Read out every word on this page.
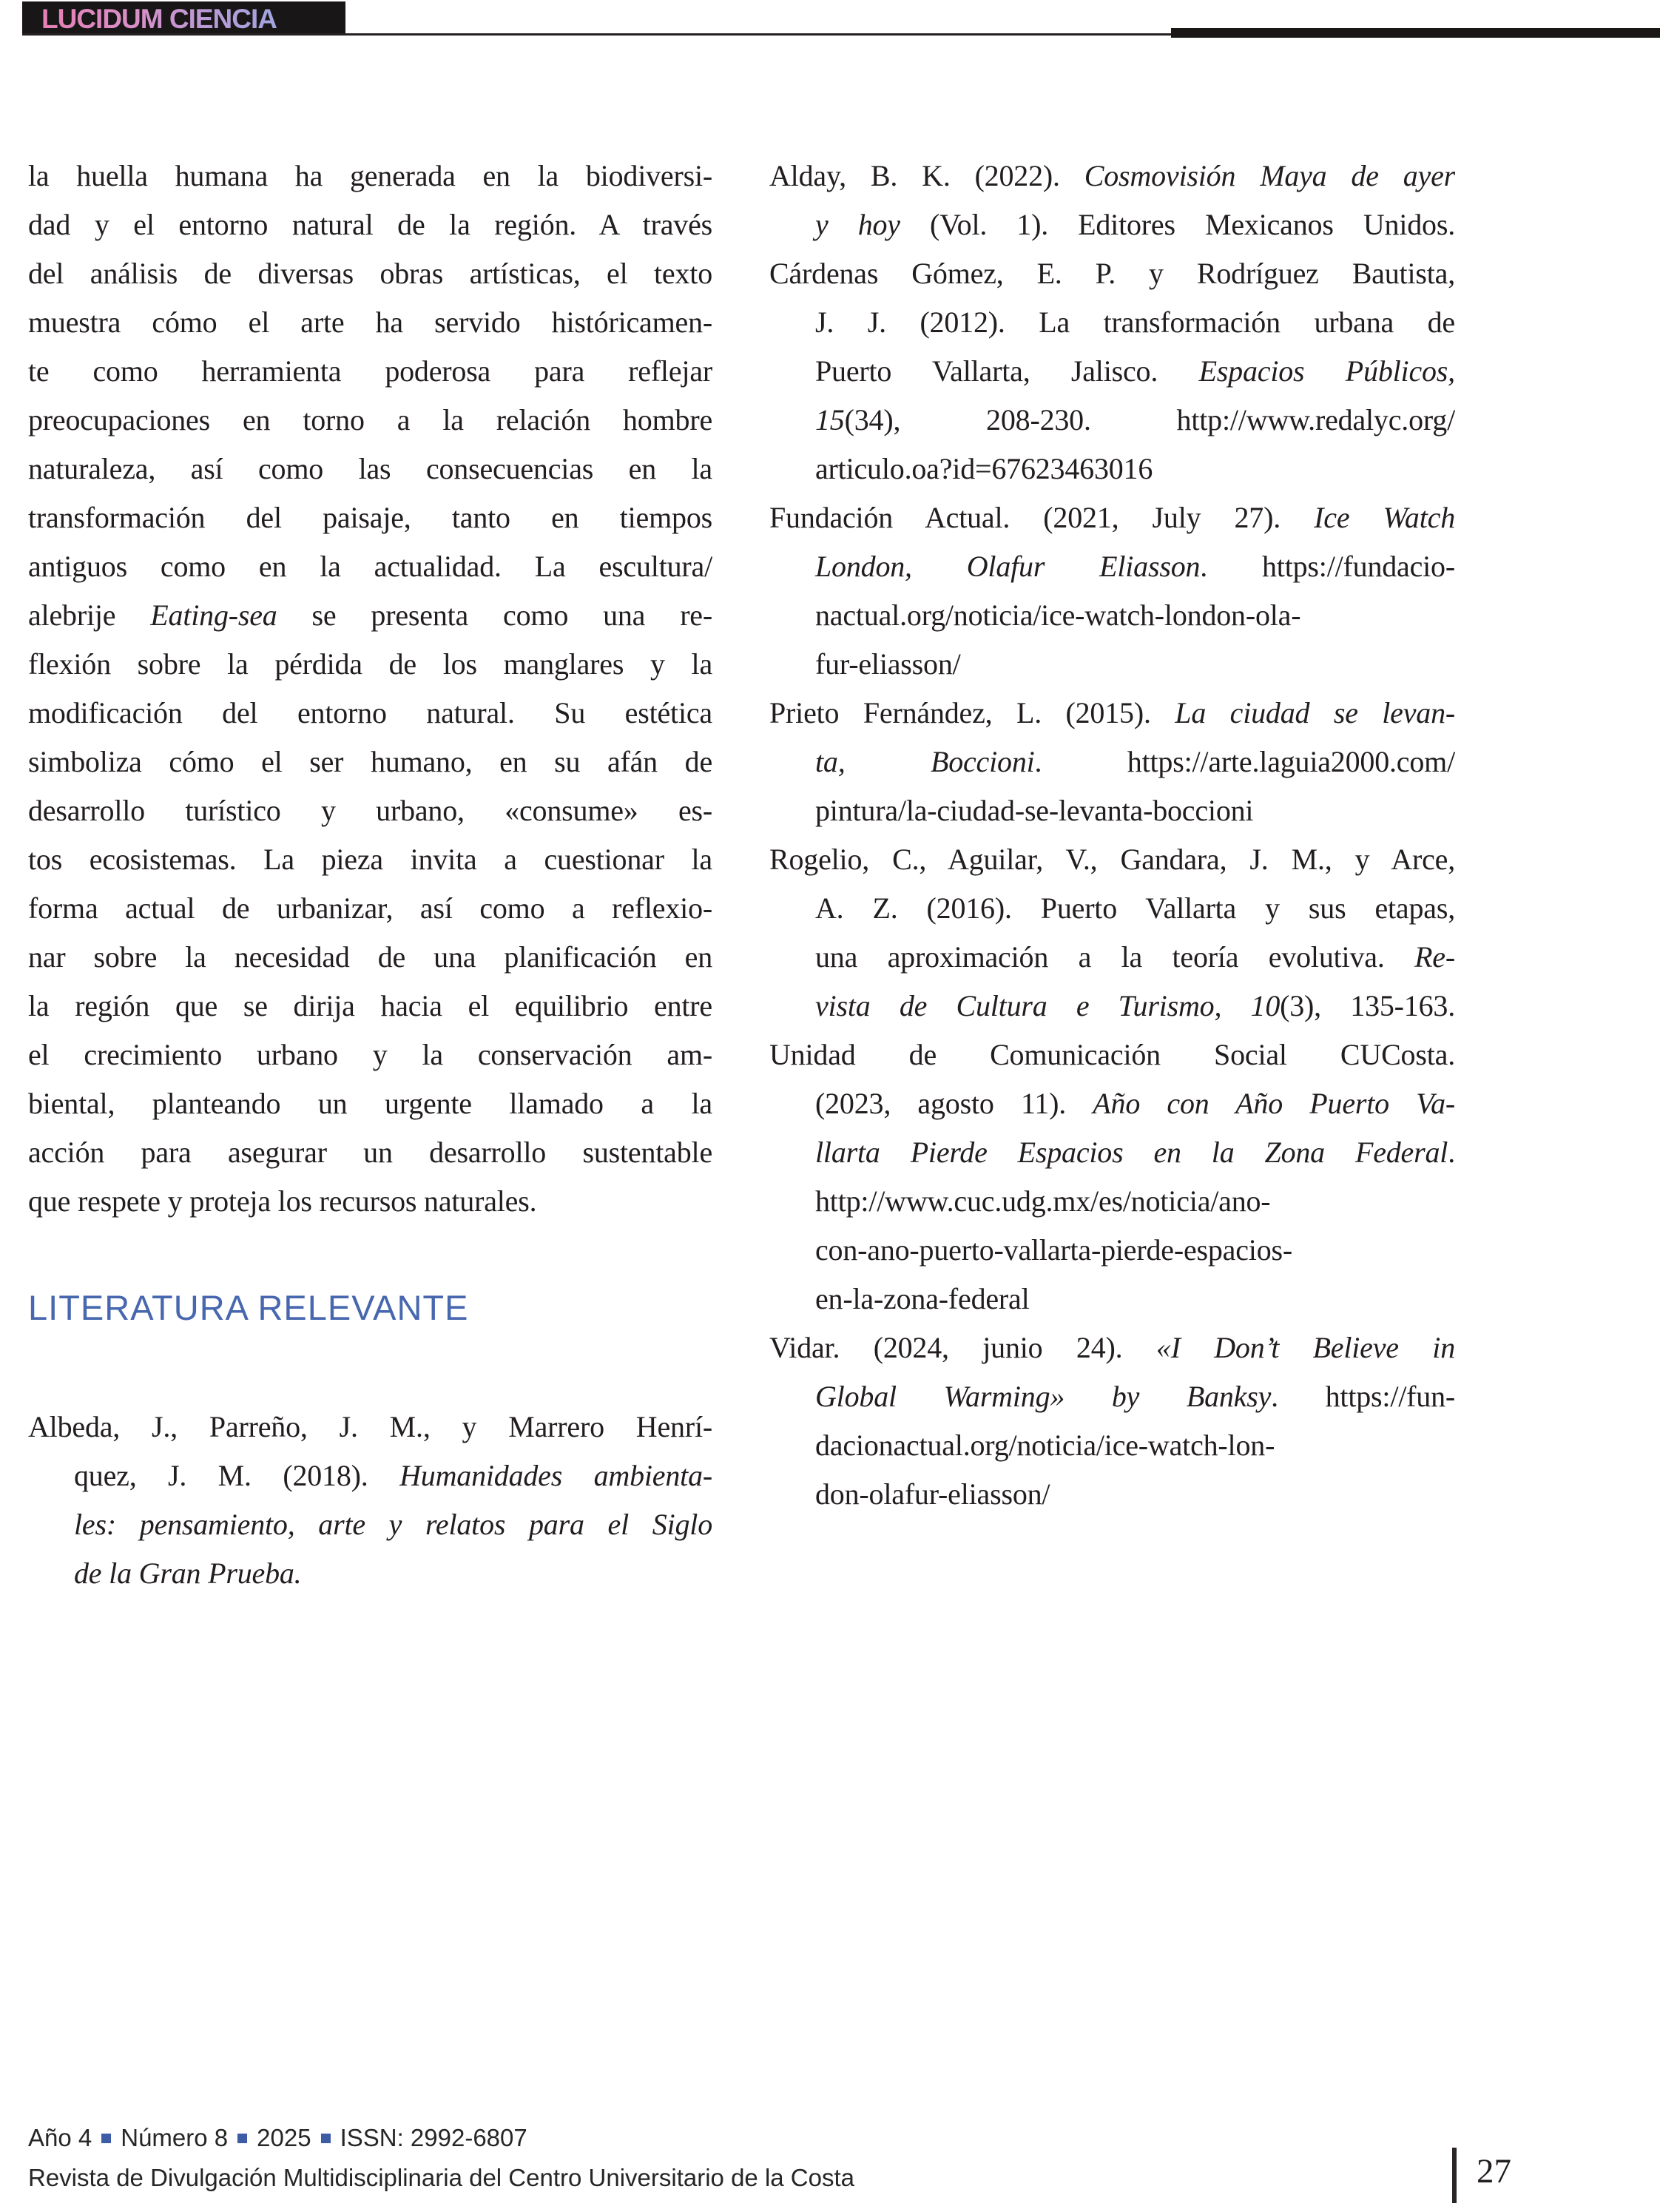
LUCIDUM CIENCIA
la huella humana ha generada en la biodiversi-
dad y el entorno natural de la región. A través
del análisis de diversas obras artísticas, el texto
muestra cómo el arte ha servido históricamen-
te como herramienta poderosa para reflejar
preocupaciones en torno a la relación hombre
naturaleza, así como las consecuencias en la
transformación del paisaje, tanto en tiempos
antiguos como en la actualidad. La escultura/
alebrije Eating-sea se presenta como una re-
flexión sobre la pérdida de los manglares y la
modificación del entorno natural. Su estética
simboliza cómo el ser humano, en su afán de
desarrollo turístico y urbano, «consume» es-
tos ecosistemas. La pieza invita a cuestionar la
forma actual de urbanizar, así como a reflexio-
nar sobre la necesidad de una planificación en
la región que se dirija hacia el equilibrio entre
el crecimiento urbano y la conservación am-
biental, planteando un urgente llamado a la
acción para asegurar un desarrollo sustentable
que respete y proteja los recursos naturales.
LITERATURA RELEVANTE
Albeda, J., Parreño, J. M., y Marrero Henrí-
quez, J. M. (2018). Humanidades ambienta-
les: pensamiento, arte y relatos para el Siglo
de la Gran Prueba.
Alday, B. K. (2022). Cosmovisión Maya de ayer
y hoy (Vol. 1). Editores Mexicanos Unidos.
Cárdenas Gómez, E. P. y Rodríguez Bautista,
J. J. (2012). La transformación urbana de
Puerto Vallarta, Jalisco. Espacios Públicos,
15(34), 208-230. http://www.redalyc.org/
articulo.oa?id=67623463016
Fundación Actual. (2021, July 27). Ice Watch
London, Olafur Eliasson. https://fundacio-
nactual.org/noticia/ice-watch-london-ola-
fur-eliasson/
Prieto Fernández, L. (2015). La ciudad se levan-
ta, Boccioni. https://arte.laguia2000.com/
pintura/la-ciudad-se-levanta-boccioni
Rogelio, C., Aguilar, V., Gandara, J. M., y Arce,
A. Z. (2016). Puerto Vallarta y sus etapas,
una aproximación a la teoría evolutiva. Re-
vista de Cultura e Turismo, 10(3), 135-163.
Unidad de Comunicación Social CUCosta.
(2023, agosto 11). Año con Año Puerto Va-
llarta Pierde Espacios en la Zona Federal.
http://www.cuc.udg.mx/es/noticia/ano-
con-ano-puerto-vallarta-pierde-espacios-
en-la-zona-federal
Vidar. (2024, junio 24). «I Don’t Believe in
Global Warming» by Banksy. https://fun-
dacionactual.org/noticia/ice-watch-lon-
don-olafur-eliasson/
Año 4 Número 8 2025 ISSN: 2992-6807
Revista de Divulgación Multidisciplinaria del Centro Universitario de la Costa	27
